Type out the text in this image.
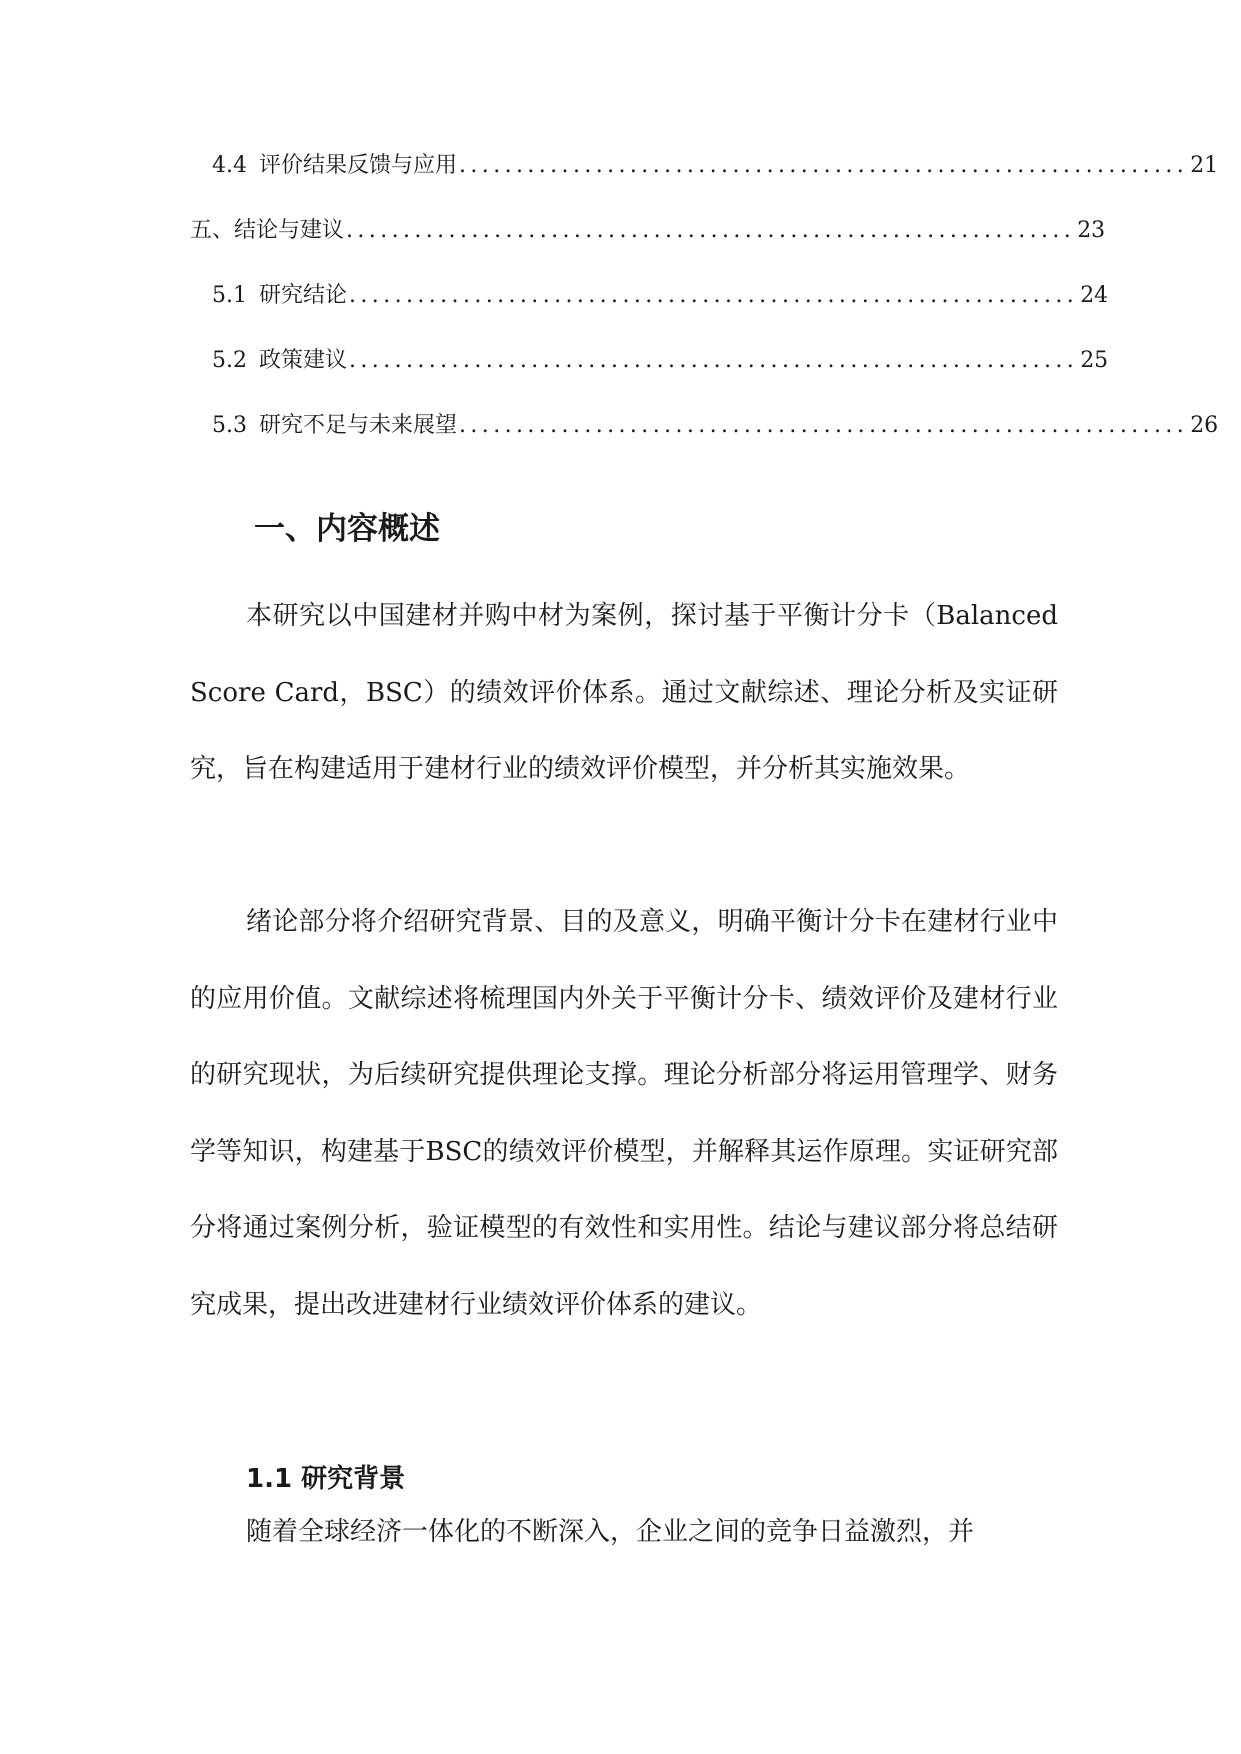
4.4 评价结果反馈与应用 ................................................................ 21
五、结论与建议 ................................................................ 23
5.1 研究结论 ................................................................ 24
5.2 政策建议 ................................................................ 25
5.3 研究不足与未来展望 ................................................................ 26
一、内容概述

本研究以中国建材并购中材为案例，探讨基于平衡计分卡（Balanced Score Card，BSC）的绩效评价体系。通过文献综述、理论分析及实证研究，旨在构建适用于建材行业的绩效评价模型，并分析其实施效果。

绪论部分将介绍研究背景、目的及意义，明确平衡计分卡在建材行业中的应用价值。文献综述将梳理国内外关于平衡计分卡、绩效评价及建材行业的研究现状，为后续研究提供理论支撑。理论分析部分将运用管理学、财务学等知识，构建基于BSC的绩效评价模型，并解释其运作原理。实证研究部分将通过案例分析，验证模型的有效性和实用性。结论与建议部分将总结研究成果，提出改进建材行业绩效评价体系的建议。

1.1 研究背景

随着全球经济一体化的不断深入，企业之间的竞争日益激烈，并
